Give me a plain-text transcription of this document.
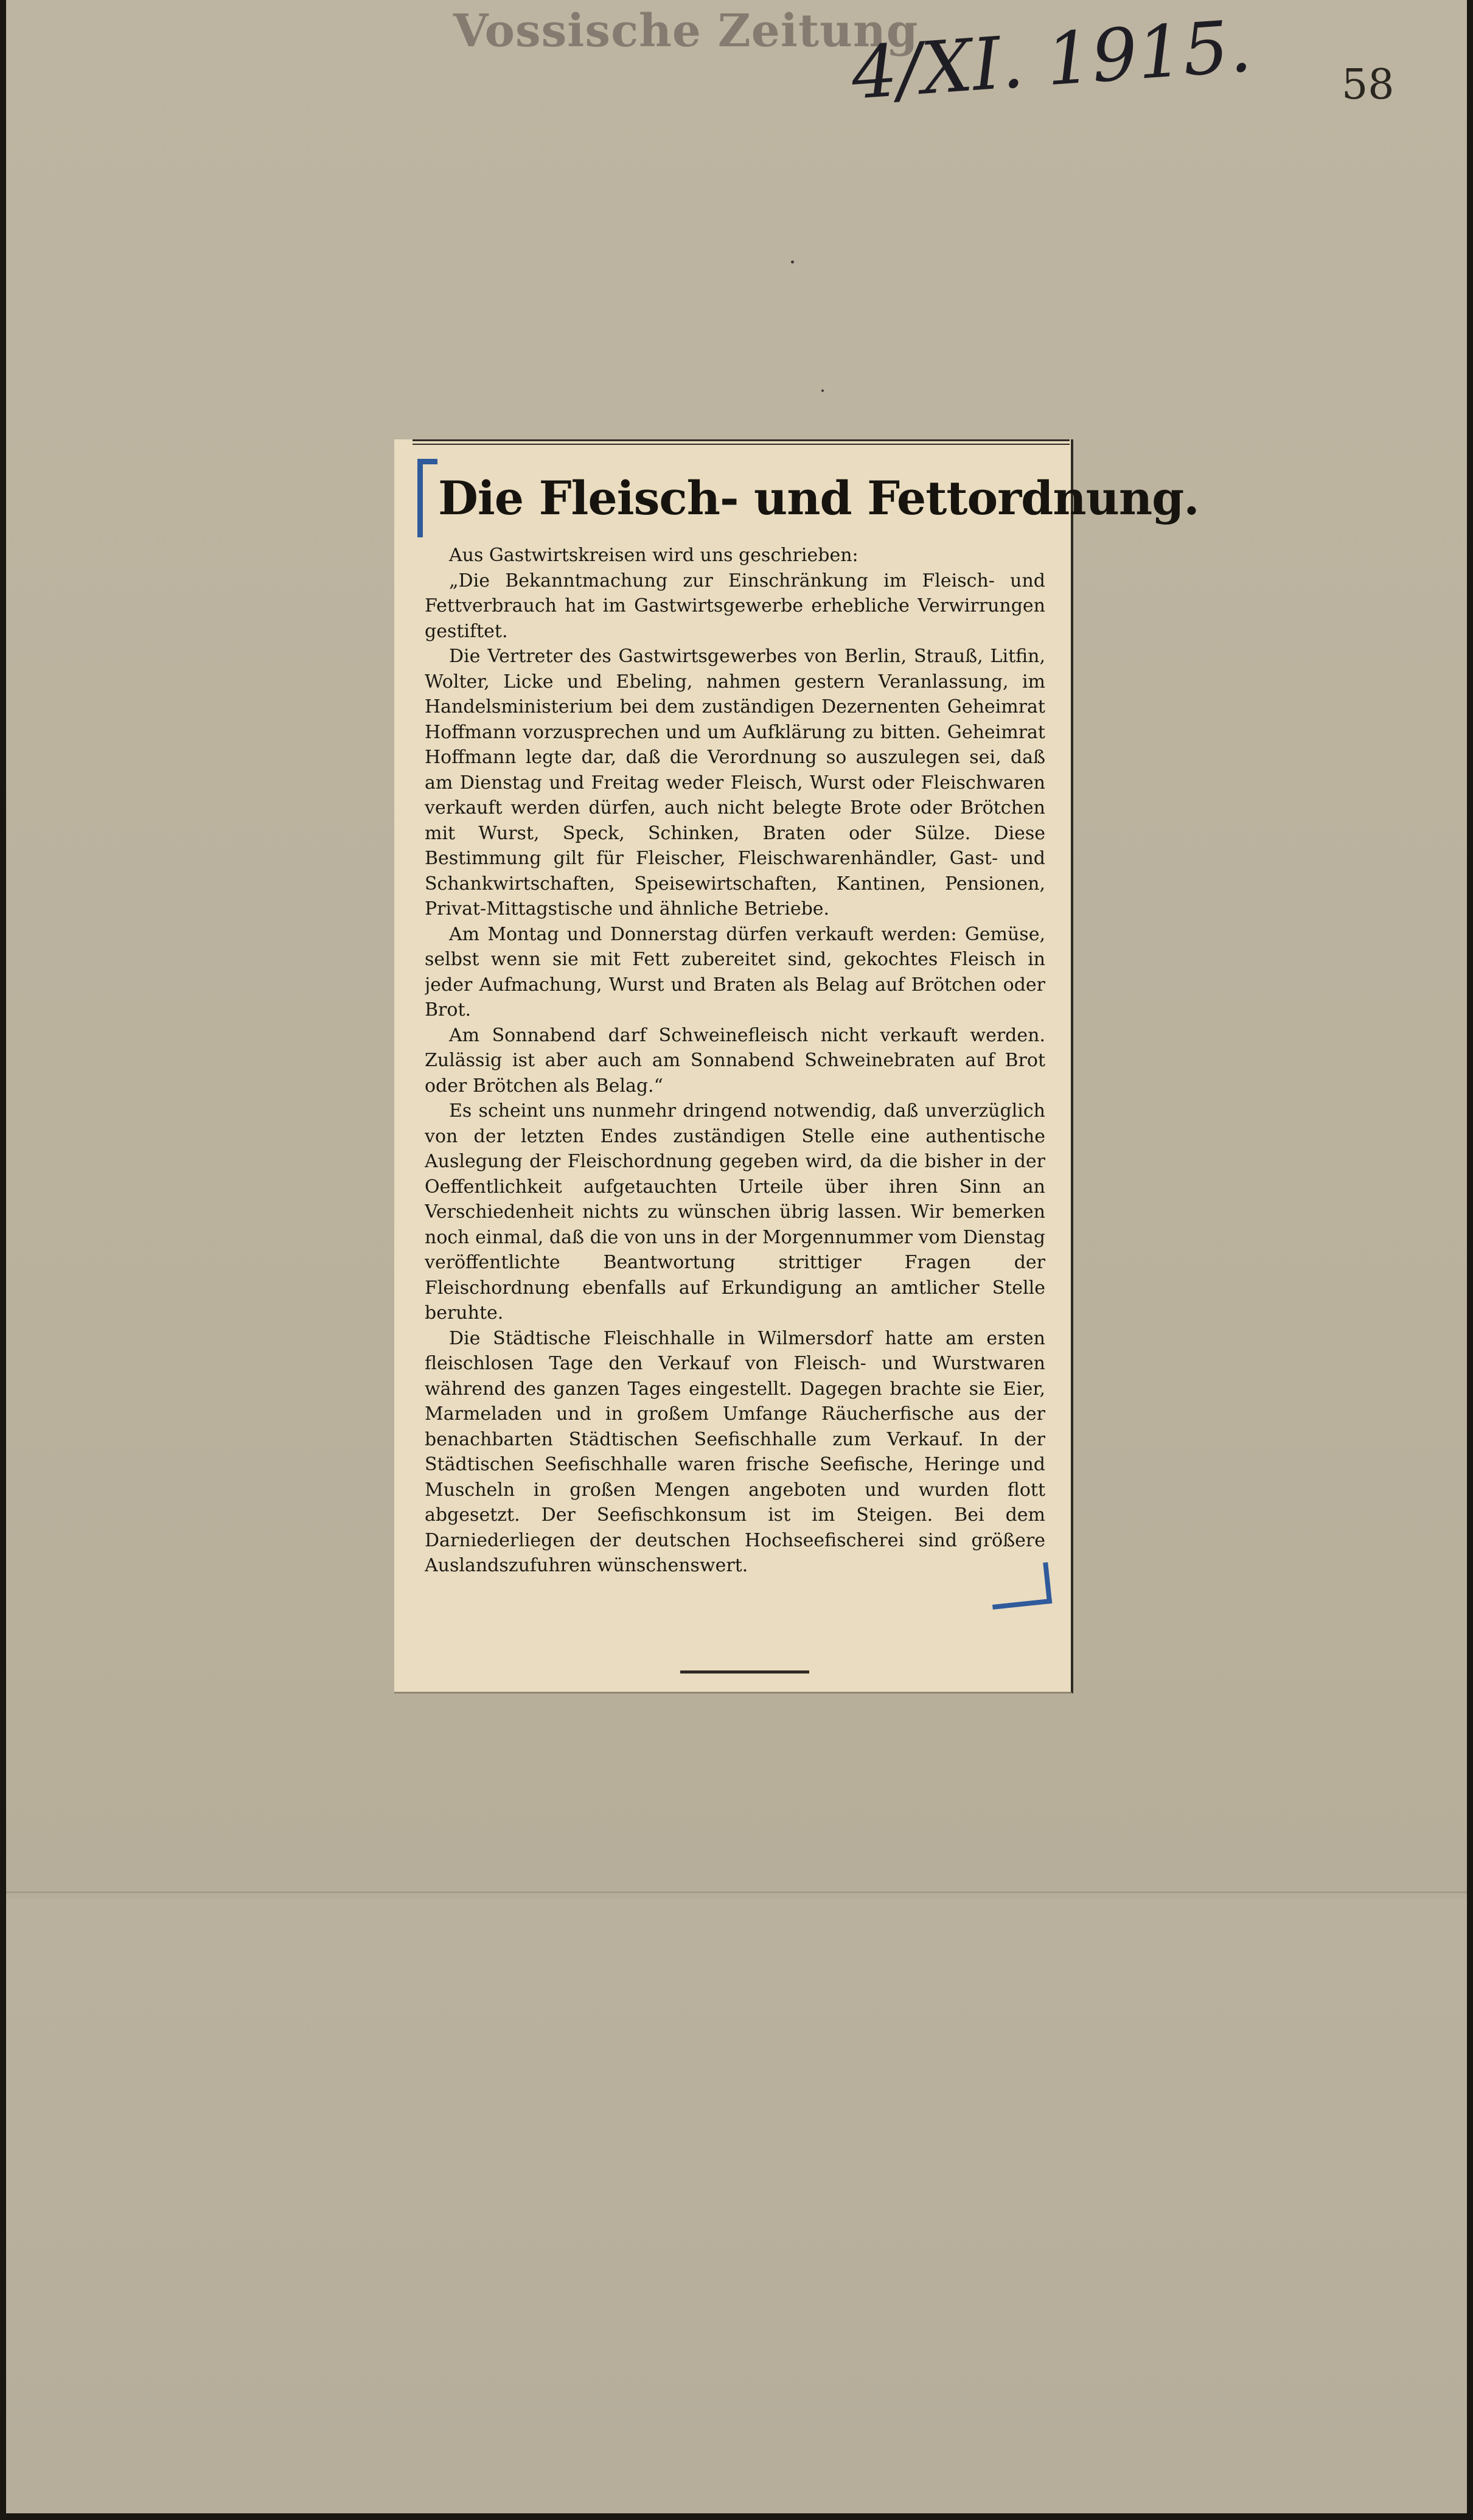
Vossische Zeitung
4/XI. 1915. 58
Die Fleisch- und Fettordnung.

Aus Gastwirtskreisen wird uns geschrieben:

„Die Bekanntmachung zur Einschränkung im Fleisch- und Fettverbrauch hat im Gastwirtsgewerbe erhebliche Verwirrungen gestiftet.

Die Vertreter des Gastwirtsgewerbes von Berlin, Strauß, Litfin, Wolter, Licke und Ebeling, nahmen gestern Veranlassung, im Handelsministerium bei dem zuständigen Dezernenten Geheimrat Hoffmann vorzusprechen und um Aufklärung zu bitten. Geheimrat Hoffmann legte dar, daß die Verordnung so auszulegen sei, daß am Dienstag und Freitag weder Fleisch, Wurst oder Fleischwaren verkauft werden dürfen, auch nicht belegte Brote oder Brötchen mit Wurst, Speck, Schinken, Braten oder Sülze. Diese Bestimmung gilt für Fleischer, Fleischwarenhändler, Gast- und Schankwirtschaften, Speisewirtschaften, Kantinen, Pensionen, Privat-Mittagstische und ähnliche Betriebe.

Am Montag und Donnerstag dürfen verkauft werden: Gemüse, selbst wenn sie mit Fett zubereitet sind, gekochtes Fleisch in jeder Aufmachung, Wurst und Braten als Belag auf Brötchen oder Brot.

Am Sonnabend darf Schweinefleisch nicht verkauft werden. Zulässig ist aber auch am Sonnabend Schweinebraten auf Brot oder Brötchen als Belag.“

Es scheint uns nunmehr dringend notwendig, daß unverzüglich von der letzten Endes zuständigen Stelle eine authentische Auslegung der Fleischordnung gegeben wird, da die bisher in der Oeffentlichkeit aufgetauchten Urteile über ihren Sinn an Verschiedenheit nichts zu wünschen übrig lassen. Wir bemerken noch einmal, daß die von uns in der Morgennummer vom Dienstag veröffentlichte Beantwortung strittiger Fragen der Fleischordnung ebenfalls auf Erkundigung an amtlicher Stelle beruhte.

Die Städtische Fleischhalle in Wilmersdorf hatte am ersten fleischlosen Tage den Verkauf von Fleisch- und Wurstwaren während des ganzen Tages eingestellt. Dagegen brachte sie Eier, Marmeladen und in großem Umfange Räucherfische aus der benachbarten Städtischen Seefischhalle zum Verkauf. In der Städtischen Seefischhalle waren frische Seefische, Heringe und Muscheln in großen Mengen angeboten und wurden flott abgesetzt. Der Seefischkonsum ist im Steigen. Bei dem Darniederliegen der deutschen Hochseefischerei sind größere Auslandszufuhren wünschenswert.
